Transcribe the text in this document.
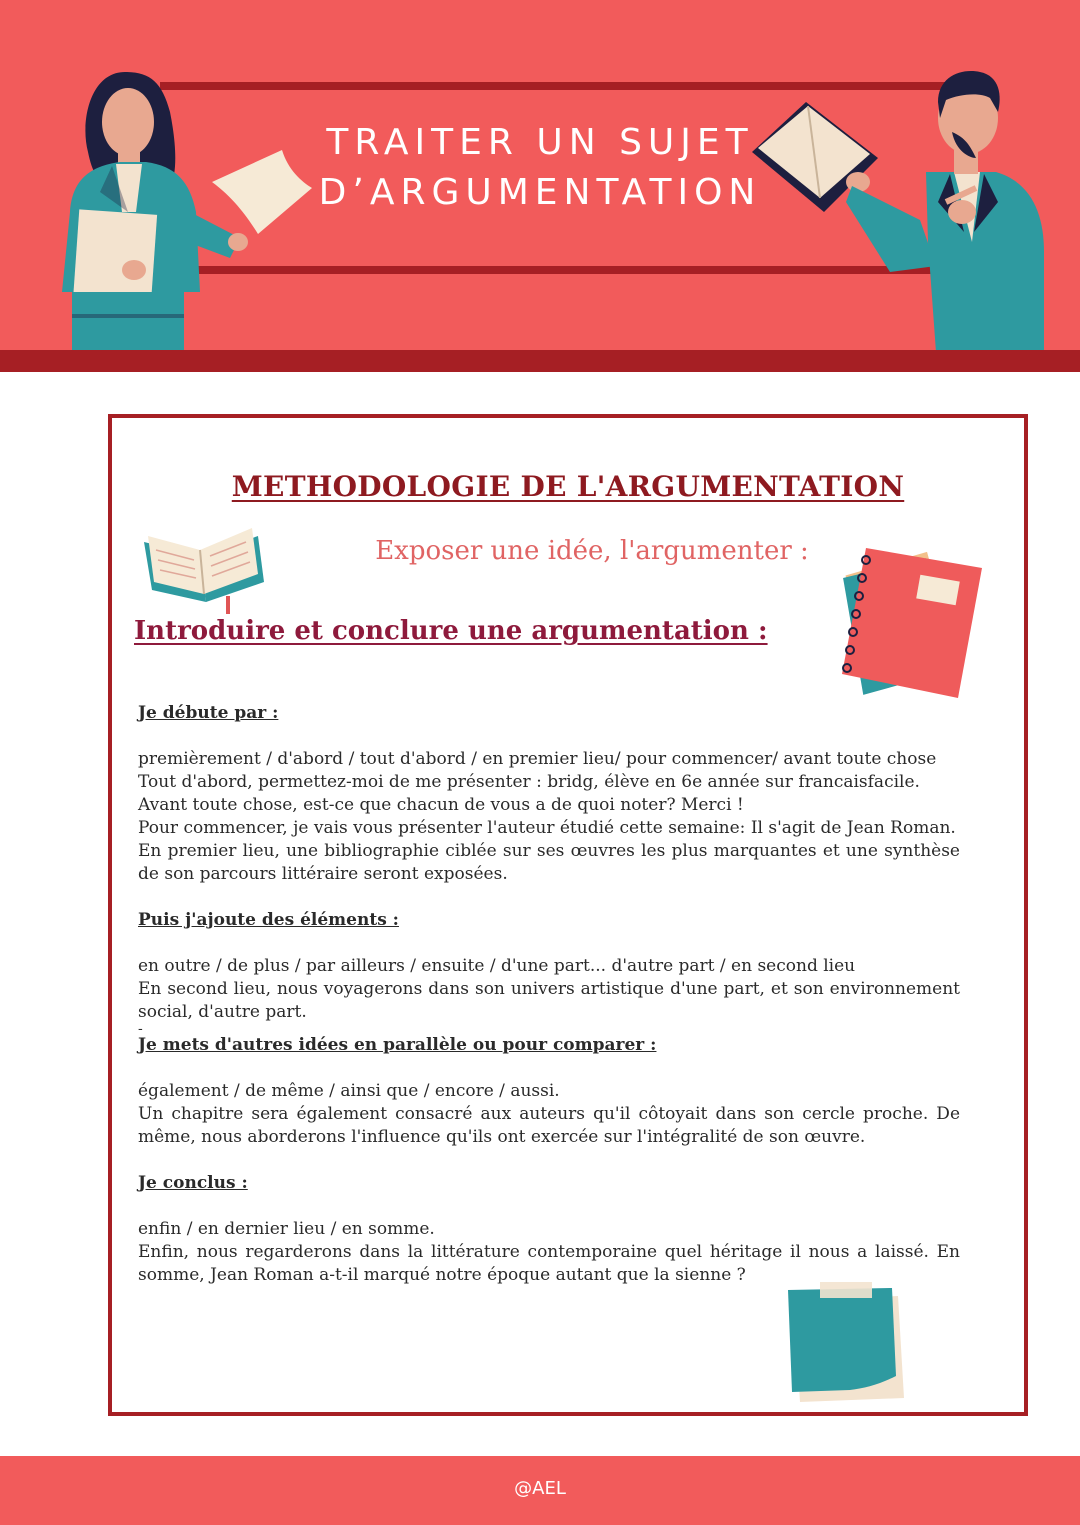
TRAITER UN SUJET
D’ARGUMENTATION
METHODOLOGIE DE L'ARGUMENTATION
Exposer une idée, l'argumenter :
Introduire et conclure une argumentation :
Je débute par :
premièrement / d'abord / tout d'abord / en premier lieu/ pour commencer/ avant toute chose
Tout d'abord, permettez-moi de me présenter : bridg, élève en 6e année sur francaisfacile.
Avant toute chose, est-ce que chacun de vous a de quoi noter? Merci !
Pour commencer, je vais vous présenter l'auteur étudié cette semaine: Il s'agit de Jean Roman.
En premier lieu, une bibliographie ciblée sur ses œuvres les plus marquantes et une synthèse de son parcours littéraire seront exposées.
Puis j'ajoute des éléments :
en outre / de plus / par ailleurs / ensuite / d'une part... d'autre part / en second lieu
En second lieu, nous voyagerons dans son univers artistique d'une part, et son environnement social, d'autre part.
-
Je mets d'autres idées en parallèle ou pour comparer :
également / de même / ainsi que / encore / aussi.
Un chapitre sera également consacré aux auteurs qu'il côtoyait dans son cercle proche. De même, nous aborderons l'influence qu'ils ont exercée sur l'intégralité de son œuvre.
Je conclus :
enfin / en dernier lieu / en somme.
Enfin, nous regarderons dans la littérature contemporaine quel héritage il nous a laissé. En somme, Jean Roman a-t-il marqué notre époque autant que la sienne ?
@AEL
